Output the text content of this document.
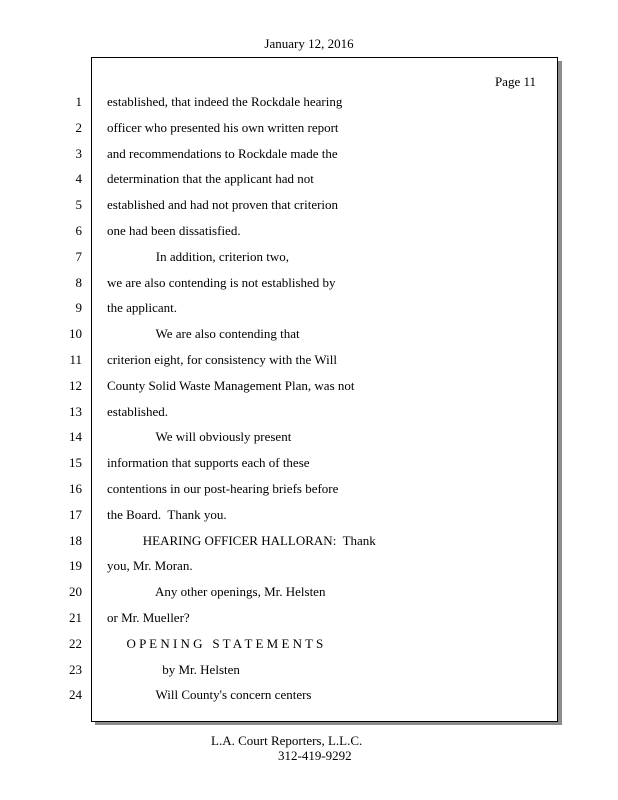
January 12, 2016
Page 11
1 established, that indeed the Rockdale hearing
2 officer who presented his own written report
3 and recommendations to Rockdale made the
4 determination that the applicant had not
5 established and had not proven that criterion
6 one had been dissatisfied.
7 In addition, criterion two,
8 we are also contending is not established by
9 the applicant.
10 We are also contending that
11 criterion eight, for consistency with the Will
12 County Solid Waste Management Plan, was not
13 established.
14 We will obviously present
15 information that supports each of these
16 contentions in our post-hearing briefs before
17 the Board.  Thank you.
18 HEARING OFFICER HALLORAN:  Thank
19 you, Mr. Moran.
20 Any other openings, Mr. Helsten
21 or Mr. Mueller?
22 O P E N I N G   S T A T E M E N T S
23 by Mr. Helsten
24 Will County's concern centers
L.A. Court Reporters, L.L.C.
312-419-9292
